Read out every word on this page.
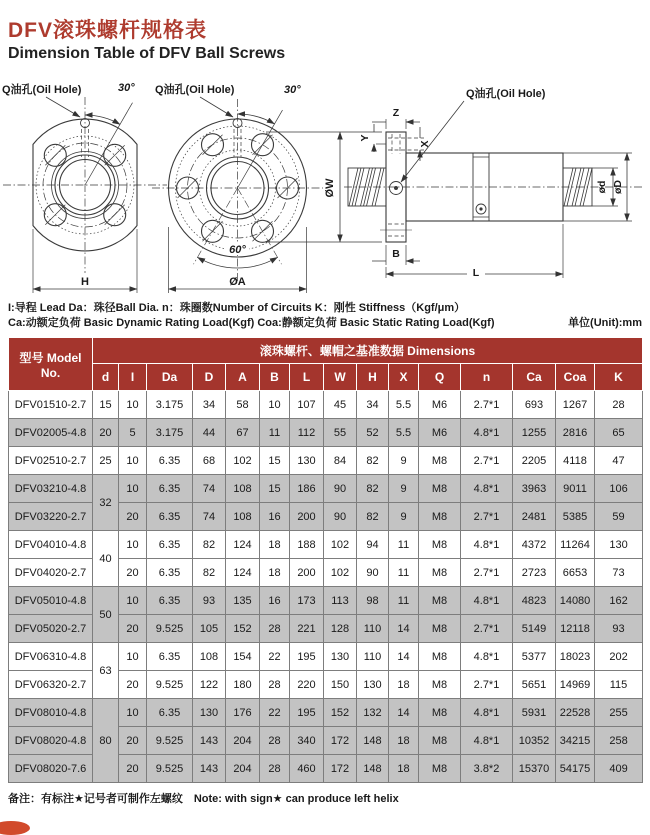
DFV滚珠螺杆规格表
Dimension Table of DFV Ball Screws
Q油孔(Oil Hole)	30°
H
60°
Q油孔(Oil Hole)	30°
ØA
ØW
Q油孔(Oil Hole)
Z
Y
X
ød øD
B
L
I:导程 Lead Da：珠径Ball Dia. n：珠圈数Number of Circuits K：刚性 Stiffness（Kgf/μm）
Ca:动额定负荷 Basic Dynamic Rating Load(Kgf) Coa:静额定负荷 Basic Static Rating Load(Kgf)	单位(Unit):mm
型号 Model No.	滚珠螺杆、螺帽之基准数据 Dimensions														
	d	I	Da	D	A	B	L	W	H	X	Q	n	Ca	Coa	K
DFV01510-2.7	15	10	3.175	34	58	10	107	45	34	5.5	M6	2.7*1	693	1267	28
DFV02005-4.8	20	5	3.175	44	67	11	112	55	52	5.5	M6	4.8*1	1255	2816	65
DFV02510-2.7	25	10	6.35	68	102	15	130	84	82	9	M8	2.7*1	2205	4118	47
DFV03210-4.8	32	10	6.35	74	108	15	186	90	82	9	M8	4.8*1	3963	9011	106
DFV03220-2.7		20	6.35	74	108	16	200	90	82	9	M8	2.7*1	2481	5385	59
DFV04010-4.8	40	10	6.35	82	124	18	188	102	94	11	M8	4.8*1	4372	11264	130
DFV04020-2.7		20	6.35	82	124	18	200	102	90	11	M8	2.7*1	2723	6653	73
DFV05010-4.8	50	10	6.35	93	135	16	173	113	98	11	M8	4.8*1	4823	14080	162
DFV05020-2.7		20	9.525	105	152	28	221	128	110	14	M8	2.7*1	5149	12118	93
DFV06310-4.8	63	10	6.35	108	154	22	195	130	110	14	M8	4.8*1	5377	18023	202
DFV06320-2.7		20	9.525	122	180	28	220	150	130	18	M8	2.7*1	5651	14969	115
DFV08010-4.8	80	10	6.35	130	176	22	195	152	132	14	M8	4.8*1	5931	22528	255
DFV08020-4.8		20	9.525	143	204	28	340	172	148	18	M8	4.8*1	10352	34215	258
DFV08020-7.6		20	9.525	143	204	28	460	172	148	18	M8	3.8*2	15370	54175	409
备注：有标注★记号者可制作左螺纹　Note: with sign★ can produce left helix
